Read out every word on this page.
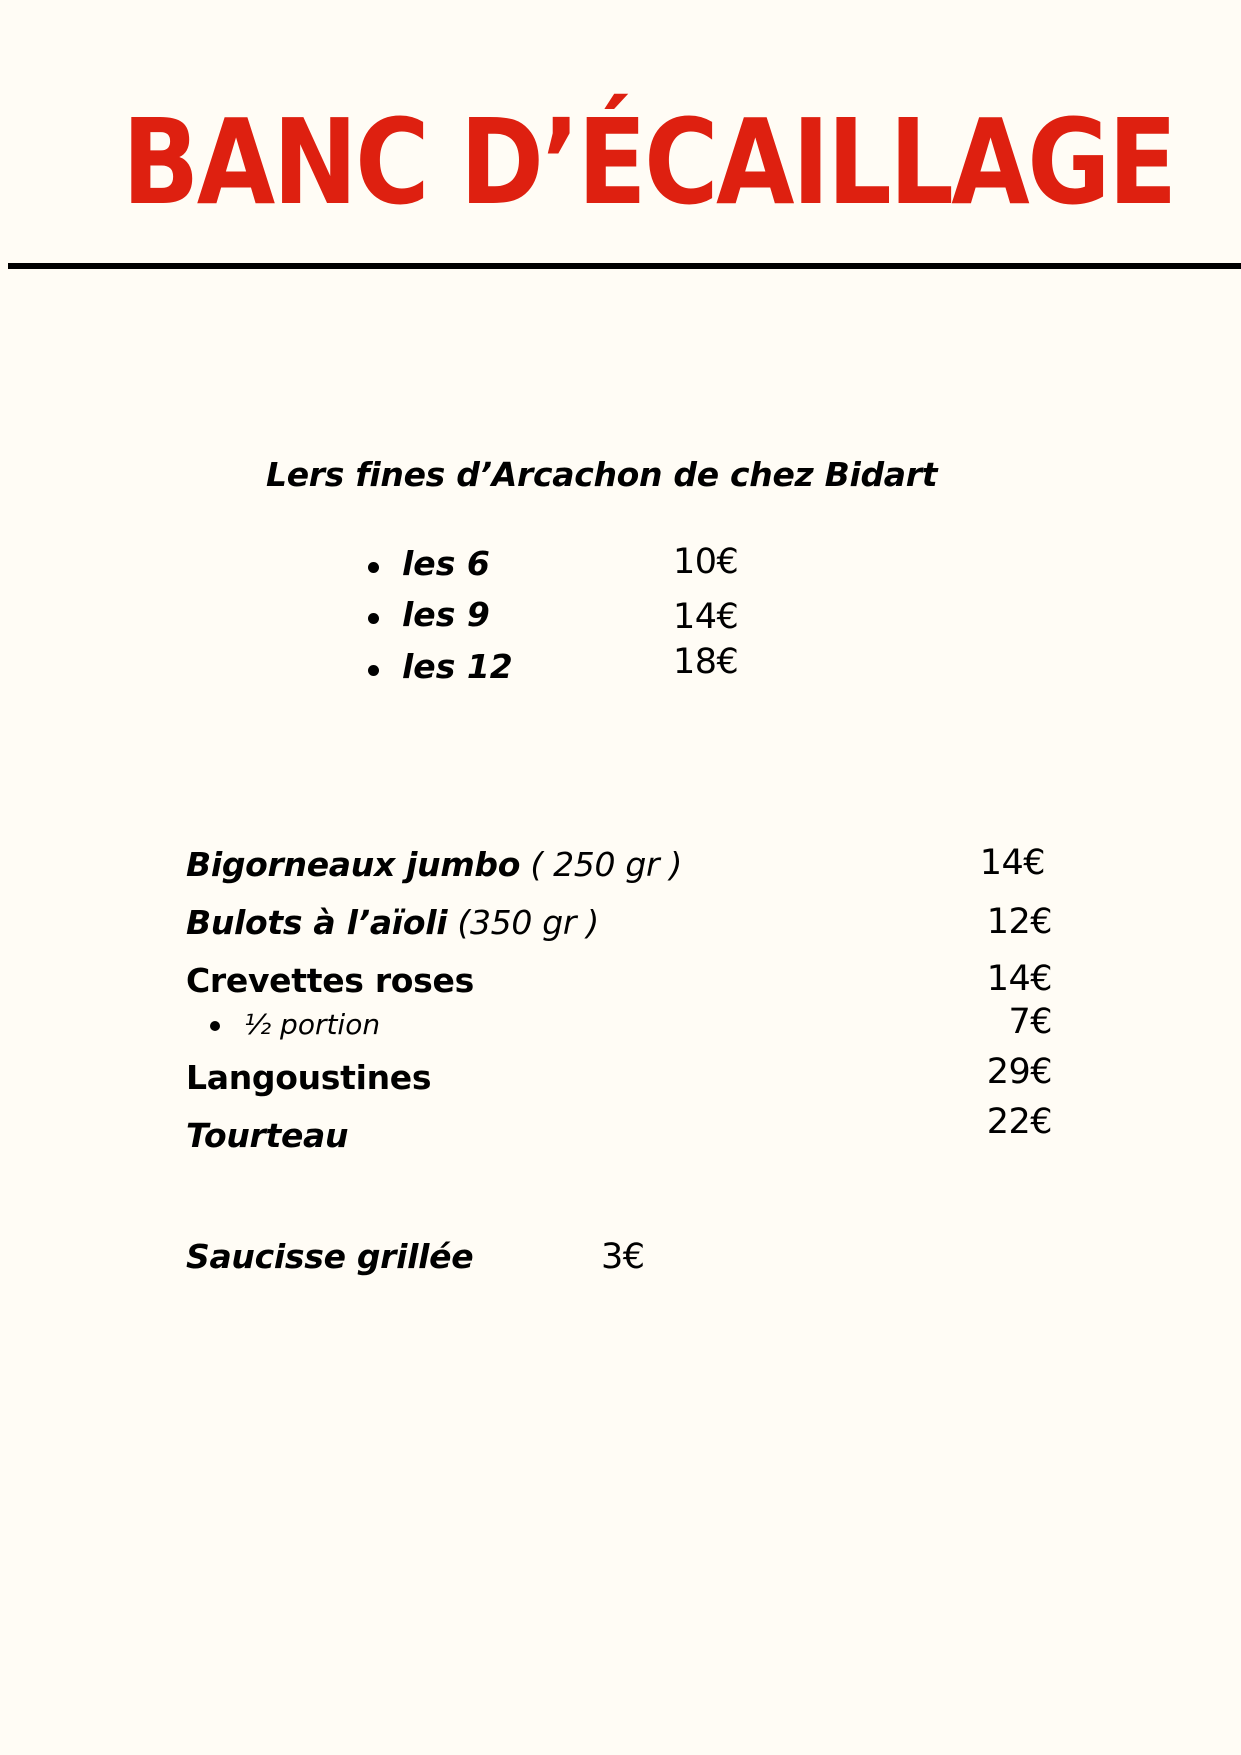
BANC D’ÉCAILLAGE
Lers fines d’Arcachon de chez Bidart
les 6	10€
les 9	14€
les 12	18€
Bigorneaux jumbo ( 250 gr )	14€
Bulots à l’aïoli (350 gr )	12€
Crevettes roses	14€
½ portion	7€
Langoustines	29€
Tourteau	22€
Saucisse grillée	3€
